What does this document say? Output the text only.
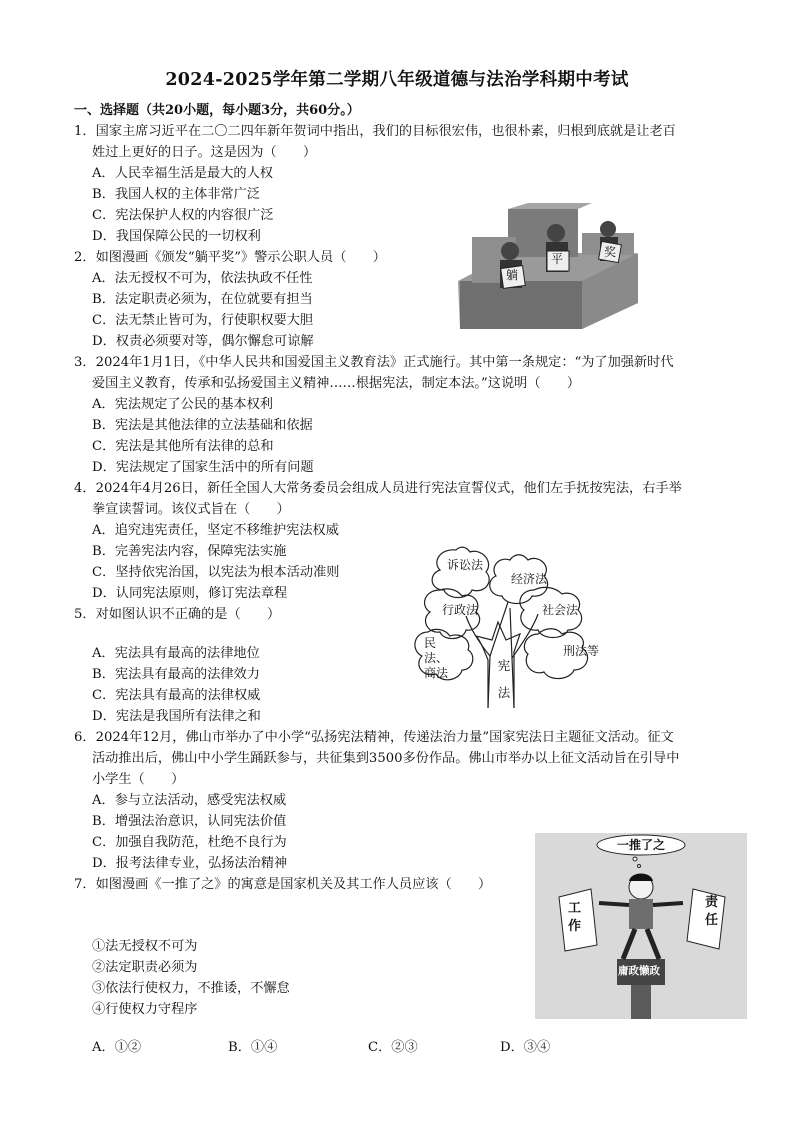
2024-2025学年第二学期八年级道德与法治学科期中考试
一、选择题（共20小题，每小题3分，共60分。）
1．国家主席习近平在二〇二四年新年贺词中指出，我们的目标很宏伟，也很朴素，归根到底就是让老百
姓过上更好的日子。这是因为（　　）
A．人民幸福生活是最大的人权
B．我国人权的主体非常广泛
C．宪法保护人权的内容很广泛
D．我国保障公民的一切权利
2．如图漫画《颁发“躺平奖”》警示公职人员（　　）
A．法无授权不可为，依法执政不任性
B．法定职责必须为，在位就要有担当
C．法无禁止皆可为，行使职权要大胆
D．权责必须要对等，偶尔懈怠可谅解
躺
平	奖
3．2024年1月1日，《中华人民共和国爱国主义教育法》正式施行。其中第一条规定：“为了加强新时代
爱国主义教育，传承和弘扬爱国主义精神……根据宪法，制定本法。”这说明（　　）
A．宪法规定了公民的基本权利
B．宪法是其他法律的立法基础和依据
C．宪法是其他所有法律的总和
D．宪法规定了国家生活中的所有问题
4．2024年4月26日，新任全国人大常务委员会组成人员进行宪法宣誓仪式，他们左手抚按宪法，右手举
拳宣读誓词。该仪式旨在（　　）
A．追究违宪责任，坚定不移维护宪法权威
B．完善宪法内容，保障宪法实施
C．坚持依宪治国，以宪法为根本活动准则
D．认同宪法原则，修订宪法章程
5．对如图认识不正确的是（　　）
A．宪法具有最高的法律地位
B．宪法具有最高的法律效力
C．宪法具有最高的法律权威
D．宪法是我国所有法律之和
诉讼法
经济法
行政法	社会法
民法、商法
刑法等
宪法
6．2024年12月，佛山市举办了中小学“弘扬宪法精神，传递法治力量”国家宪法日主题征文活动。征文
活动推出后，佛山中小学生踊跃参与，共征集到3500多份作品。佛山市举办以上征文活动旨在引导中
小学生（　　）
A．参与立法活动，感受宪法权威
B．增强法治意识，认同宪法价值
C．加强自我防范，杜绝不良行为
D．报考法律专业，弘扬法治精神
7．如图漫画《一推了之》的寓意是国家机关及其工作人员应该（　　）
①法无授权不可为
②法定职责必须为
③依法行使权力，不推诿，不懈怠
④行使权力守程序
A．①②	B．①④	C．②③	D．③④
一推了之
工作
责任
庸政懒政
